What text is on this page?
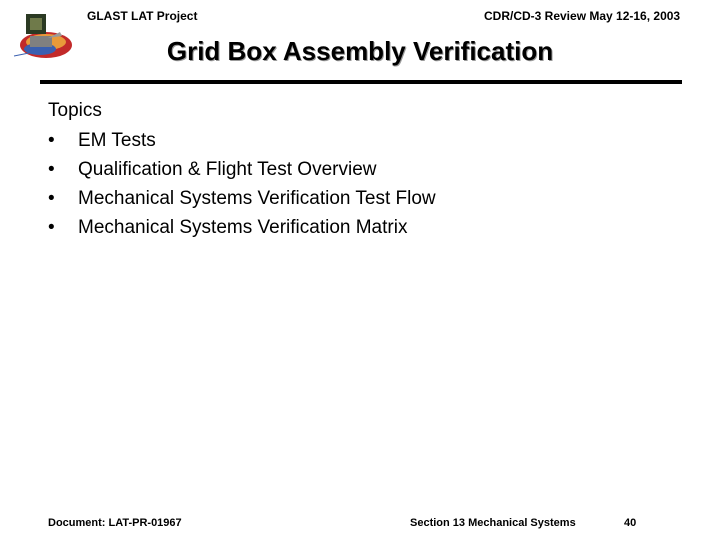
GLAST LAT Project	CDR/CD-3 Review May 12-16, 2003
Grid Box Assembly Verification
Topics
• EM Tests
• Qualification & Flight Test Overview
• Mechanical Systems Verification Test Flow
• Mechanical Systems Verification Matrix
Document: LAT-PR-01967	Section 13 Mechanical Systems	40
